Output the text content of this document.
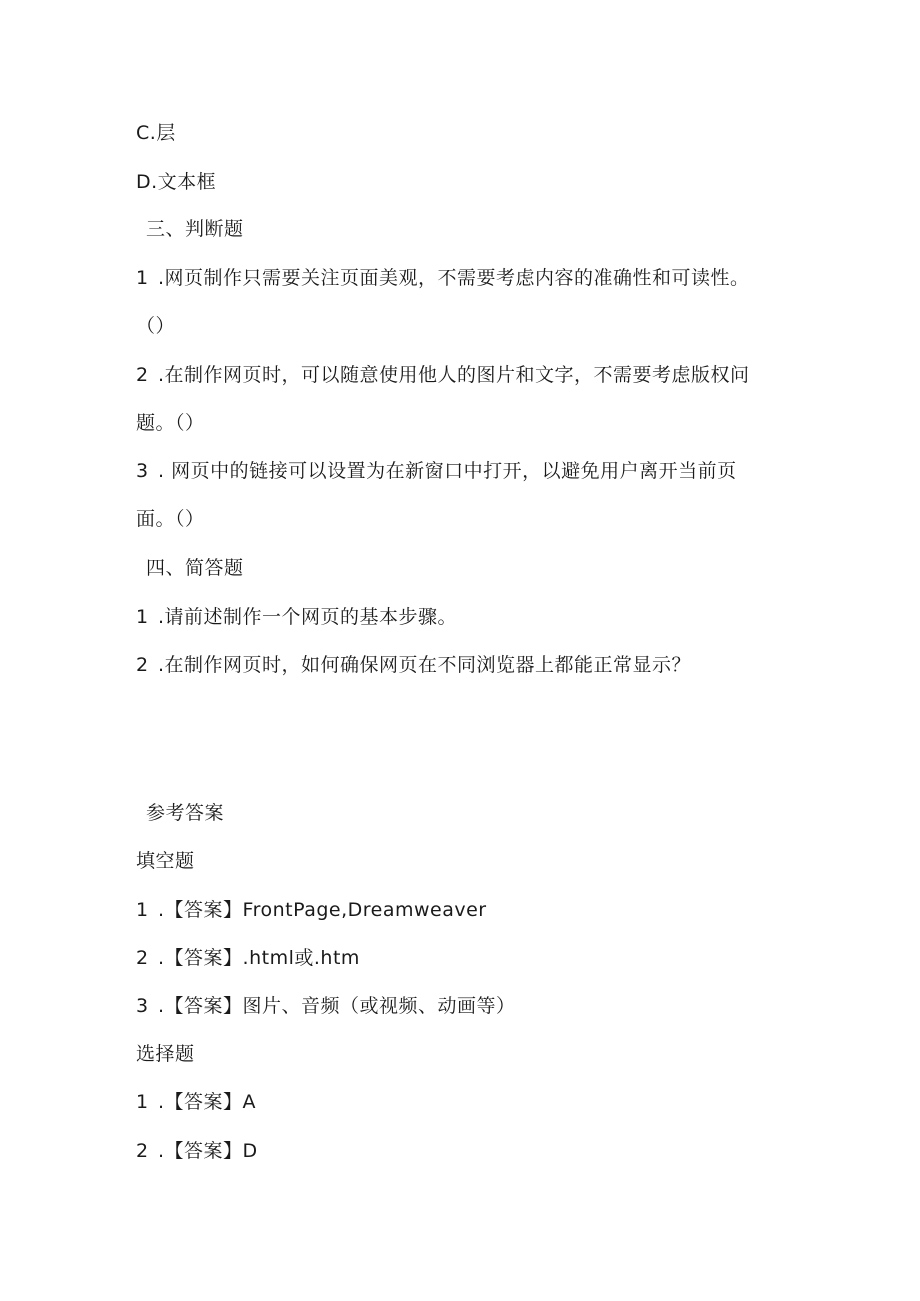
C.层
D.文本框
三、判断题
1 .网页制作只需要关注页面美观，不需要考虑内容的准确性和可读性。
（）
2 .在制作网页时，可以随意使用他人的图片和文字，不需要考虑版权问
题。（）
3 . 网页中的链接可以设置为在新窗口中打开，以避免用户离开当前页
面。（）
四、简答题
1 .请前述制作一个网页的基本步骤。
2 .在制作网页时，如何确保网页在不同浏览器上都能正常显示？
参考答案
填空题
1 .【答案】FrontPage,Dreamweaver
2 .【答案】.html或.htm
3 .【答案】图片、音频（或视频、动画等）
选择题
1 .【答案】A
2 .【答案】D
